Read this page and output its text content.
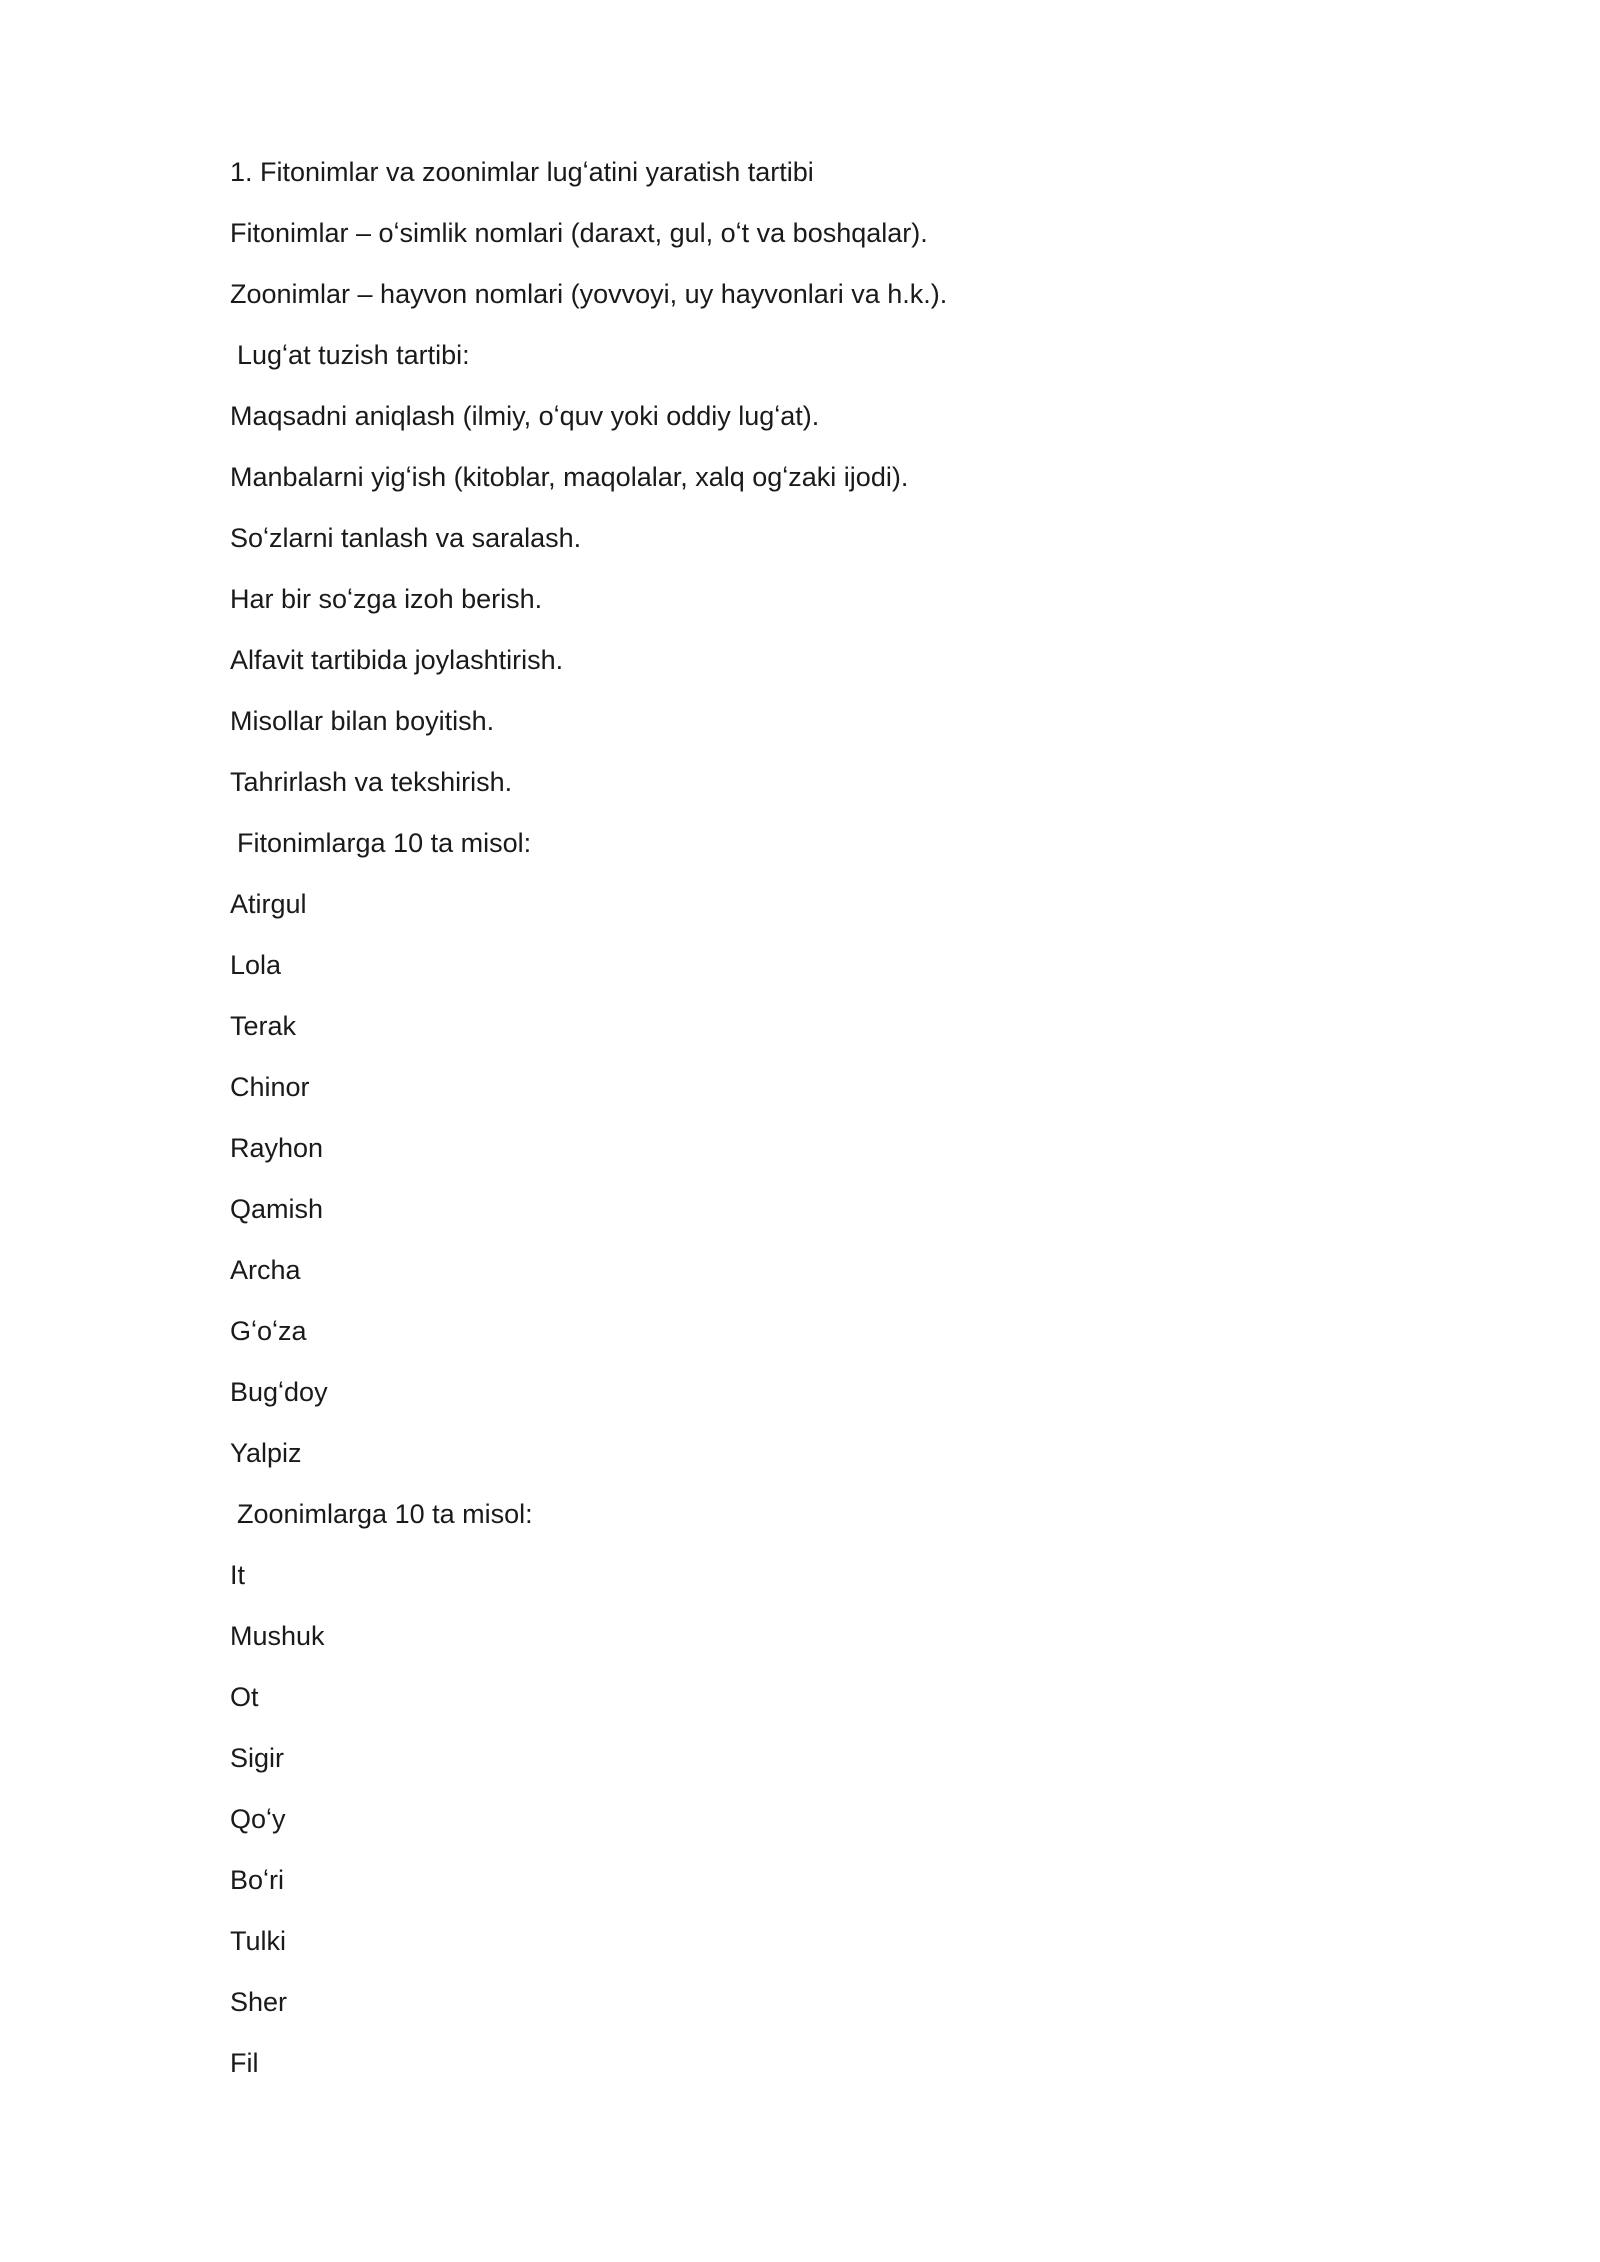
1. Fitonimlar va zoonimlar lugʻatini yaratish tartibi

Fitonimlar – oʻsimlik nomlari (daraxt, gul, oʻt va boshqalar).

Zoonimlar – hayvon nomlari (yovvoyi, uy hayvonlari va h.k.).

Lugʻat tuzish tartibi:

Maqsadni aniqlash (ilmiy, oʻquv yoki oddiy lugʻat).

Manbalarni yigʻish (kitoblar, maqolalar, xalq ogʻzaki ijodi).

Soʻzlarni tanlash va saralash.

Har bir soʻzga izoh berish.

Alfavit tartibida joylashtirish.

Misollar bilan boyitish.

Tahrirlash va tekshirish.

Fitonimlarga 10 ta misol:

Atirgul

Lola

Terak

Chinor

Rayhon

Qamish

Archa

Gʻoʻza

Bugʻdoy

Yalpiz

Zoonimlarga 10 ta misol:

It

Mushuk

Ot

Sigir

Qoʻy

Boʻri

Tulki

Sher

Fil
